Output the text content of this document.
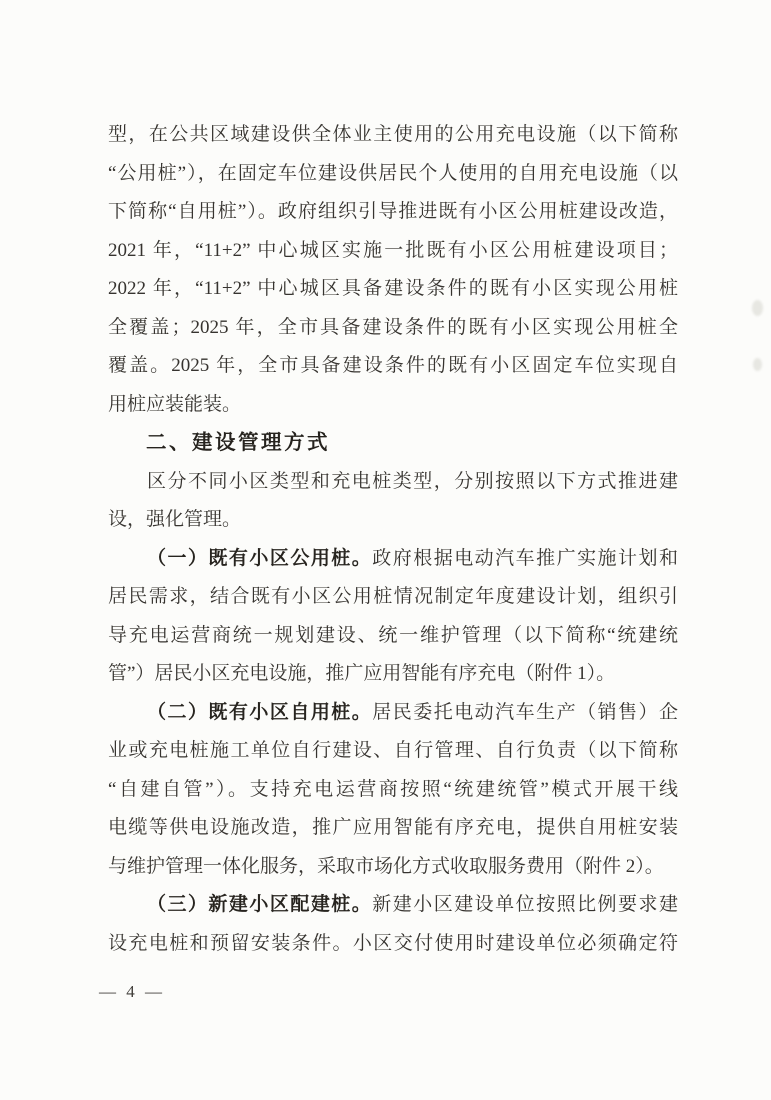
型，在公共区域建设供全体业主使用的公用充电设施（以下简称
“公用桩”），在固定车位建设供居民个人使用的自用充电设施（以
下简称“自用桩”）。政府组织引导推进既有小区公用桩建设改造，
2021 年，“11+2” 中心城区实施一批既有小区公用桩建设项目；
2022 年，“11+2” 中心城区具备建设条件的既有小区实现公用桩
全覆盖；2025 年，全市具备建设条件的既有小区实现公用桩全
覆盖。2025 年，全市具备建设条件的既有小区固定车位实现自
用桩应装能装。
二、建设管理方式
区分不同小区类型和充电桩类型，分别按照以下方式推进建
设，强化管理。
（一）既有小区公用桩。政府根据电动汽车推广实施计划和
居民需求，结合既有小区公用桩情况制定年度建设计划，组织引
导充电运营商统一规划建设、统一维护管理（以下简称“统建统
管”）居民小区充电设施，推广应用智能有序充电（附件 1）。
（二）既有小区自用桩。居民委托电动汽车生产（销售）企
业或充电桩施工单位自行建设、自行管理、自行负责（以下简称
“自建自管”）。支持充电运营商按照“统建统管”模式开展干线
电缆等供电设施改造，推广应用智能有序充电，提供自用桩安装
与维护管理一体化服务，采取市场化方式收取服务费用（附件 2）。
（三）新建小区配建桩。新建小区建设单位按照比例要求建
设充电桩和预留安装条件。小区交付使用时建设单位必须确定符
— 4 —
